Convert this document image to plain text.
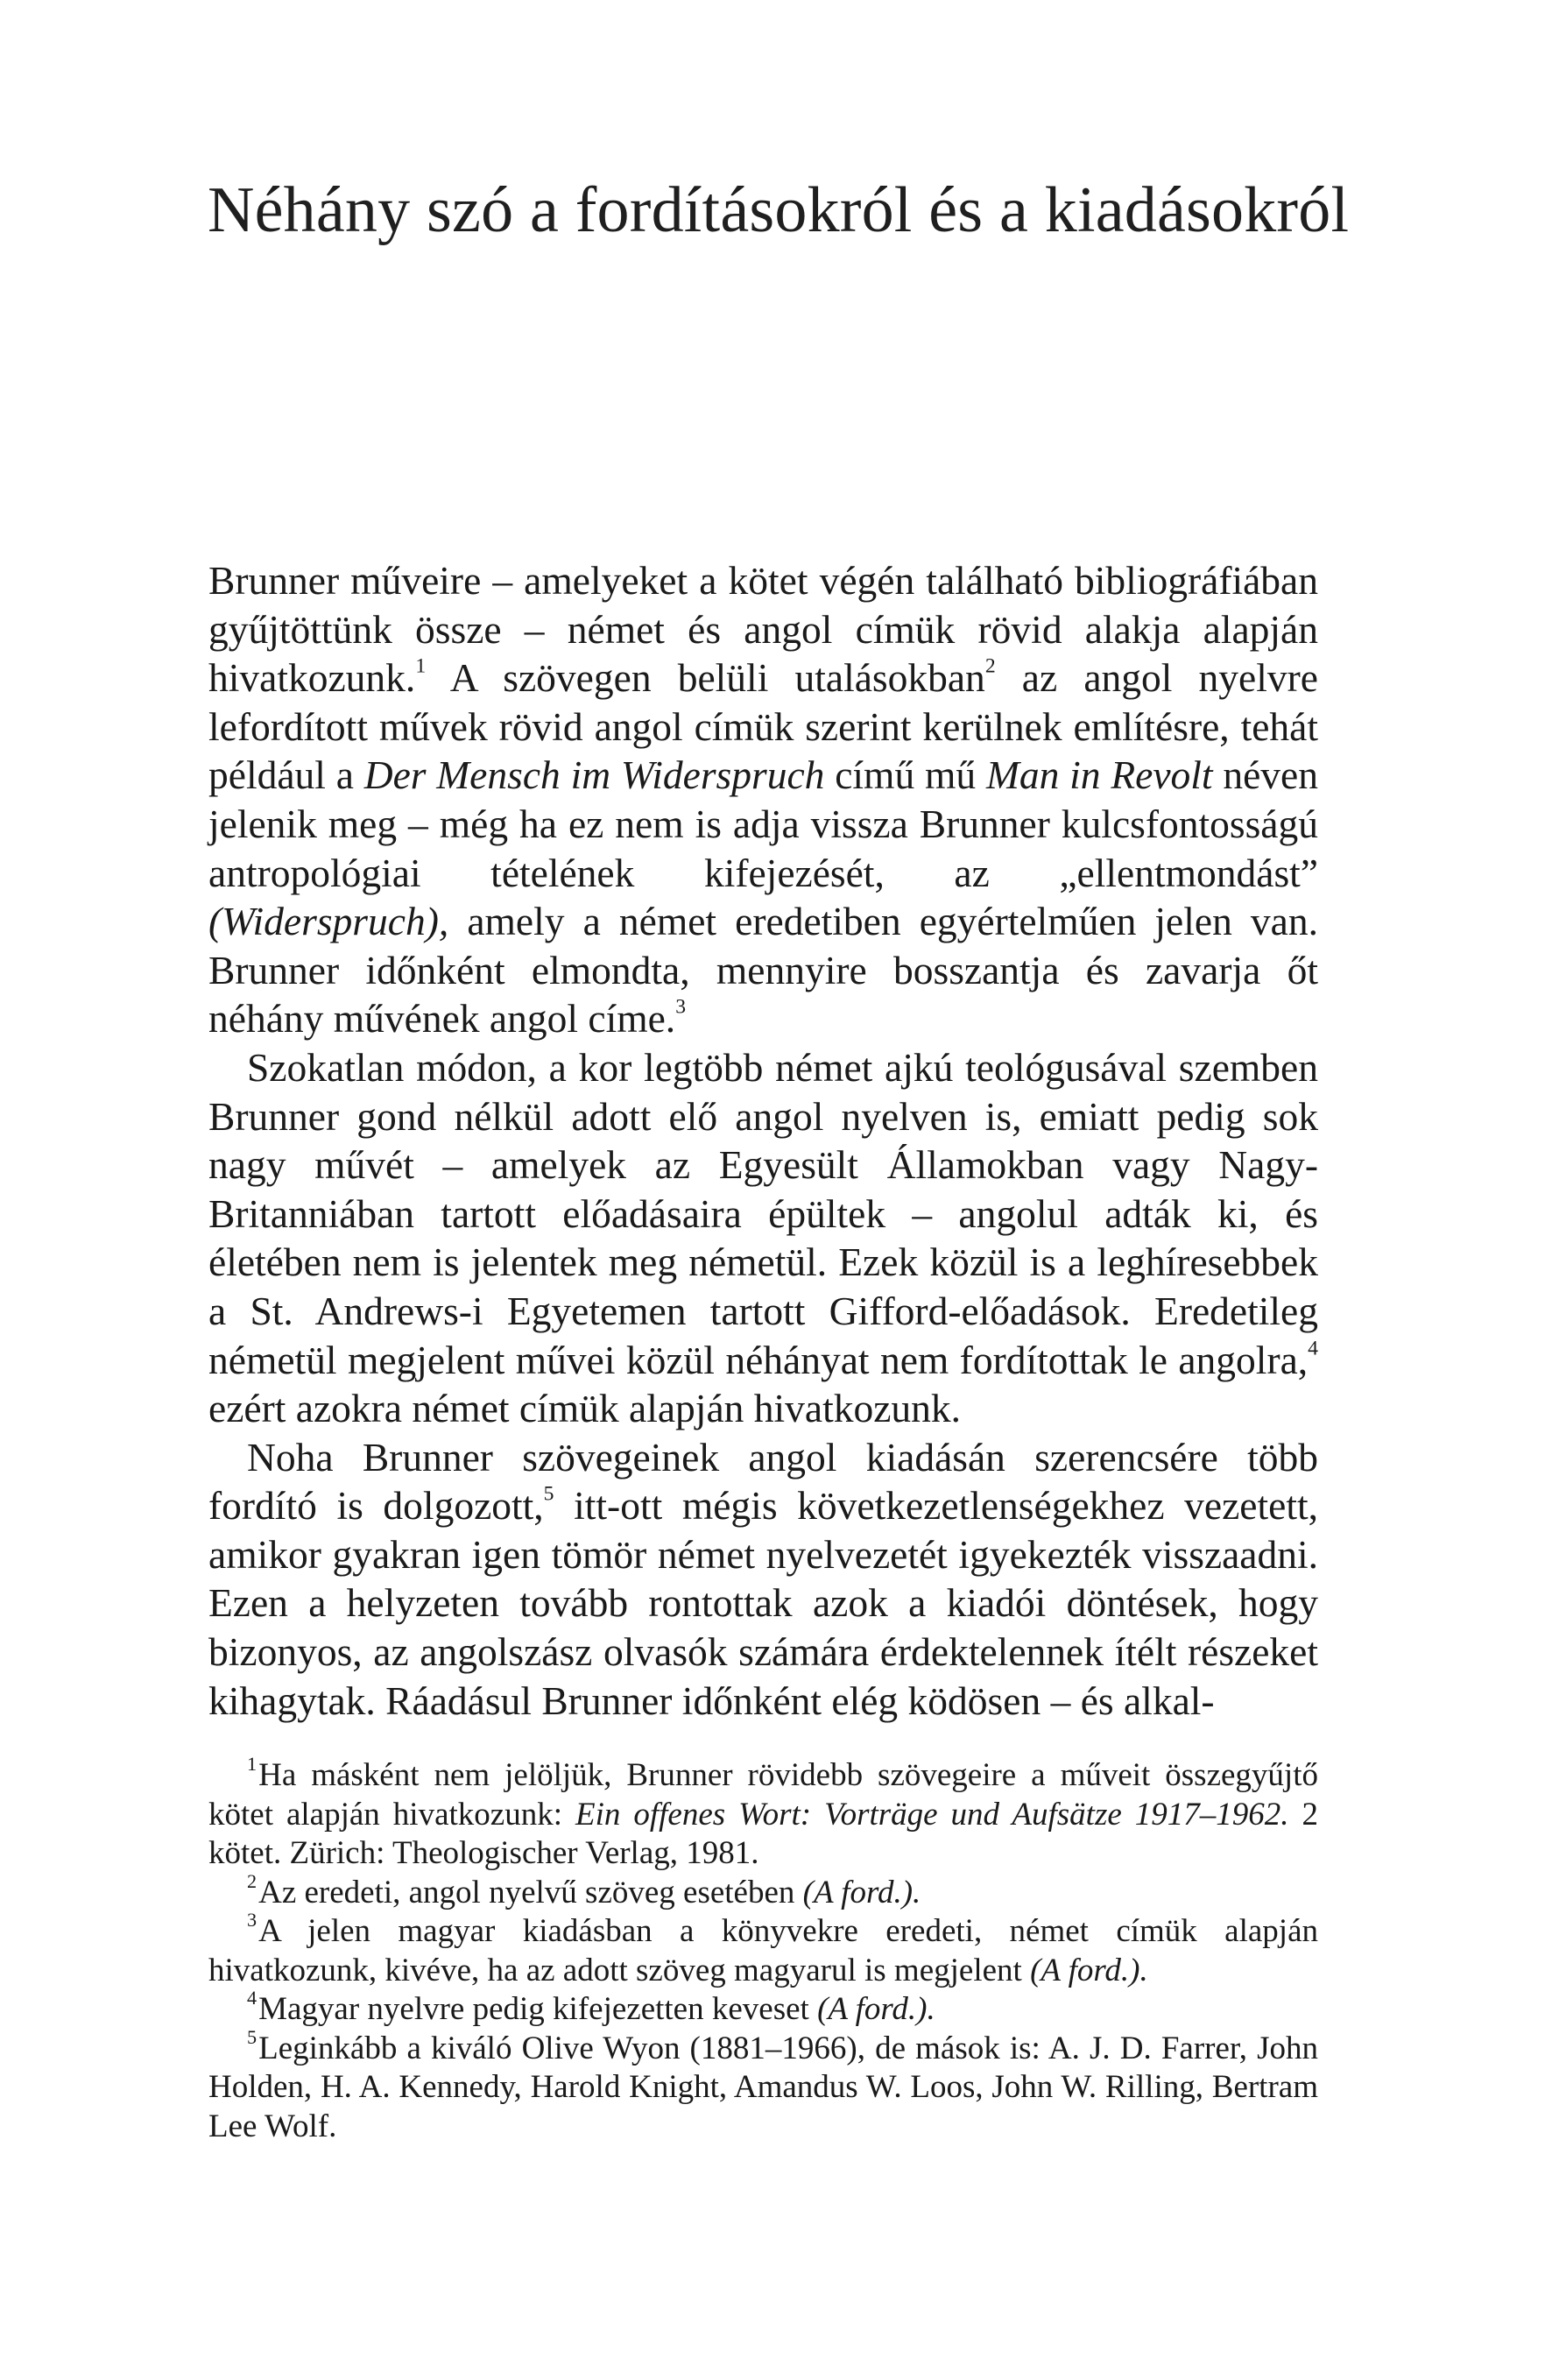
Néhány szó a fordításokról és a kiadásokról

Brunner műveire – amelyeket a kötet végén található bibliográfiában gyűjtöttünk össze – német és angol címük rövid alakja alapján hivatkozunk.$^1$ A szövegen belüli utalásokban$^2$ az angol nyelvre lefordított művek rövid angol címük szerint kerülnek említésre, tehát például a Der Mensch im Widerspruch című mű Man in Revolt néven jelenik meg – még ha ez nem is adja vissza Brunner kulcsfontosságú antropológiai tételének kifejezését, az „ellentmondást” (Widerspruch), amely a német eredetiben egyértelműen jelen van. Brunner időnként elmondta, mennyire bosszantja és zavarja őt néhány művének angol címe.$^3$

Szokatlan módon, a kor legtöbb német ajkú teológusával szemben Brunner gond nélkül adott elő angol nyelven is, emiatt pedig sok nagy művét – amelyek az Egyesült Államokban vagy Nagy-Britanniában tartott előadásaira épültek – angolul adták ki, és életében nem is jelentek meg németül. Ezek közül is a leghíresebbek a St. Andrews-i Egyetemen tartott Gifford-előadások. Eredetileg németül megjelent művei közül néhányat nem fordítottak le angolra,$^4$ ezért azokra német címük alapján hivatkozunk.

Noha Brunner szövegeinek angol kiadásán szerencsére több fordító is dolgozott,$^5$ itt-ott mégis következetlenségekhez vezetett, amikor gyakran igen tömör német nyelvezetét igyekezték visszaadni. Ezen a helyzeten tovább rontottak azok a kiadói döntések, hogy bizonyos, az angolszász olvasók számára érdektelennek ítélt részeket kihagytak. Ráadásul Brunner időnként elég ködösen – és alkal-

$^1$Ha másként nem jelöljük, Brunner rövidebb szövegeire a műveit összegyűjtő kötet alapján hivatkozunk: Ein offenes Wort: Vorträge und Aufsätze 1917–1962. 2 kötet. Zürich: Theologischer Verlag, 1981.

$^2$Az eredeti, angol nyelvű szöveg esetében (A ford.).

$^3$A jelen magyar kiadásban a könyvekre eredeti, német címük alapján hivatkozunk, kivéve, ha az adott szöveg magyarul is megjelent (A ford.).

$^4$Magyar nyelvre pedig kifejezetten keveset (A ford.).

$^5$Leginkább a kiváló Olive Wyon (1881–1966), de mások is: A. J. D. Farrer, John Holden, H. A. Kennedy, Harold Knight, Amandus W. Loos, John W. Rilling, Bertram Lee Wolf.
